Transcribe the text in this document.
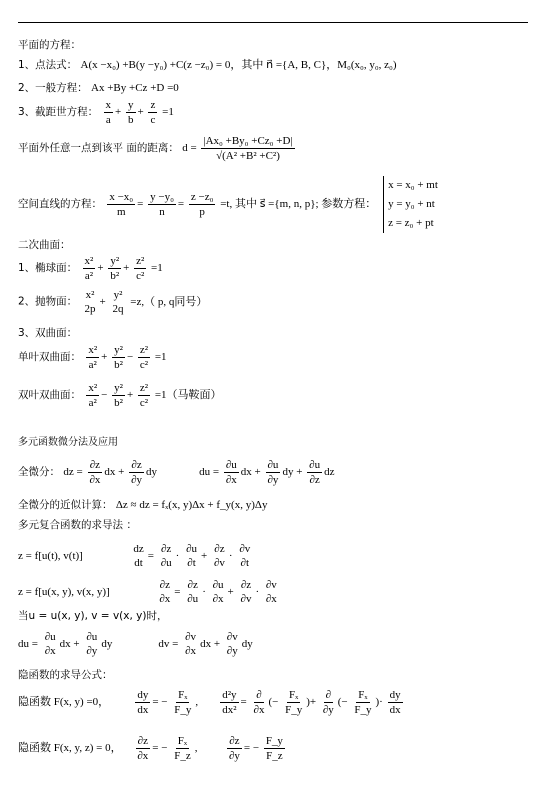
平面的方程：
1、点法式： A(x −x₀) +B(y −y₀) +C(z −z₀) = 0，其中 n⃗ ={A, B, C}，M₀(x₀, y₀, z₀)
2、一般方程： Ax +By +Cz +D =0
3、截距世方程： $\frac{x}{a} + \frac{y}{b} + \frac{z}{c} =1$
平面外任意一点到该平 面的距离： $d = \frac{\text{|Ax₀ +By₀ +Cz₀ +D|}}{\text{√(A² +B² +C²)}}$
空间直线的方程： $\frac{\text{x −x₀}}{m} = \frac{\text{y −y₀}}{n} = \frac{\text{z −z₀}}{p} =t$, 其中 s⃗ ={m, n, p}; 参数方程：
x = x₀ + mt
y = y₀ + nt
z = z₀ + pt
二次曲面：
1、椭球面： $\frac{\text{x²}}{\text{a²}} + \frac{\text{y²}}{\text{b²}} + \frac{\text{z²}}{\text{c²}} =1$
2、抛物面：
x²
2p
+
y²
2q
=z,（ p, q同号）
3、双曲面：
单叶双曲面： $\frac{\text{x²}}{\text{a²}} + \frac{\text{y²}}{\text{b²}} - \frac{\text{z²}}{\text{c²}} =1$
双叶双曲面： $\frac{\text{x²}}{\text{a²}} - \frac{\text{y²}}{\text{b²}} + \frac{\text{z²}}{\text{c²}} =1$（马鞍面）
多元函数微分法及应用
全微分： dz = $\frac{\partial z}{\partial x}$ dx + $\frac{\partial z}{\partial y}$ dy	du = $\frac{\partial u}{\partial x}$ dx + $\frac{\partial u}{\partial y}$ dy + $\frac{\partial u}{\partial z}$ dz
全微分的近似计算： Δz ≈ dz = fₓ(x, y)Δx + f_y(x, y)Δy
多元复合函数的求导法 ：
z = f[u(t), v(t)]
dz
dt
=
∂z
∂u
·
∂u
∂t
+
∂z
∂v
·
∂v
∂t
z = f[u(x, y), v(x, y)]
∂z
∂x
=
∂z
∂u
·
∂u
∂x
+
∂z
∂v
·
∂v
∂x
当u = u(x, y), v = v(x, y)时，
du =
∂u
∂x
dx +
∂u
∂y
dy	dv =
∂v
∂x
dx +
∂v
∂y
dy
隐函数的求导公式：
隐函数 F(x, y) =0， $\frac{dy}{dx}$ = − $\frac{\text{Fₓ}}{F\_y}$ , $\frac{\text{d²y}}{\text{dx²}} = \frac{\partial}{\partial x}$ (− $\frac{\text{Fₓ}}{F\_y}$ )+ $\frac{\partial}{\partial y}$ (− $\frac{\text{Fₓ}}{F\_y}$ )· $\frac{dy}{dx}$
隐函数 F(x, y, z) = 0， $\frac{\partial z}{\partial x}$ = − $\frac{\text{Fₓ}}{F\_z}$ , $\frac{\partial z}{\partial y}$ = − $\frac{F\_y}{F\_z}$
